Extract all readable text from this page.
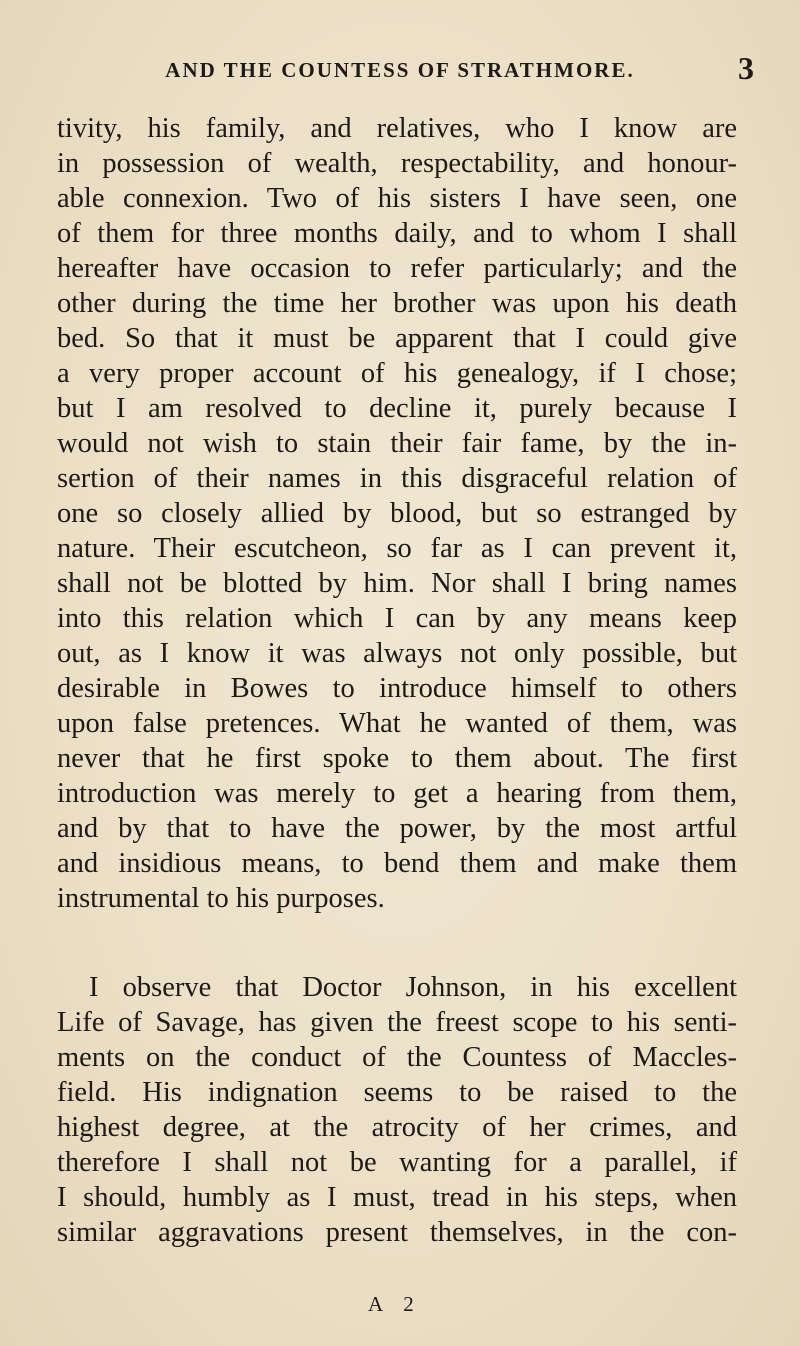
AND THE COUNTESS OF STRATHMORE.	3
tivity, his family, and relatives, who I know are
in possession of wealth, respectability, and honour-
able connexion. Two of his sisters I have seen, one
of them for three months daily, and to whom I shall
hereafter have occasion to refer particularly; and the
other during the time her brother was upon his death
bed. So that it must be apparent that I could give
a very proper account of his genealogy, if I chose;
but I am resolved to decline it, purely because I
would not wish to stain their fair fame, by the in-
sertion of their names in this disgraceful relation of
one so closely allied by blood, but so estranged by
nature. Their escutcheon, so far as I can prevent it,
shall not be blotted by him. Nor shall I bring names
into this relation which I can by any means keep
out, as I know it was always not only possible, but
desirable in Bowes to introduce himself to others
upon false pretences. What he wanted of them, was
never that he first spoke to them about. The first
introduction was merely to get a hearing from them,
and by that to have the power, by the most artful
and insidious means, to bend them and make them
instrumental to his purposes.
I observe that Doctor Johnson, in his excellent
Life of Savage, has given the freest scope to his senti-
ments on the conduct of the Countess of Maccles-
field. His indignation seems to be raised to the
highest degree, at the atrocity of her crimes, and
therefore I shall not be wanting for a parallel, if
I should, humbly as I must, tread in his steps, when
similar aggravations present themselves, in the con-
A 2
